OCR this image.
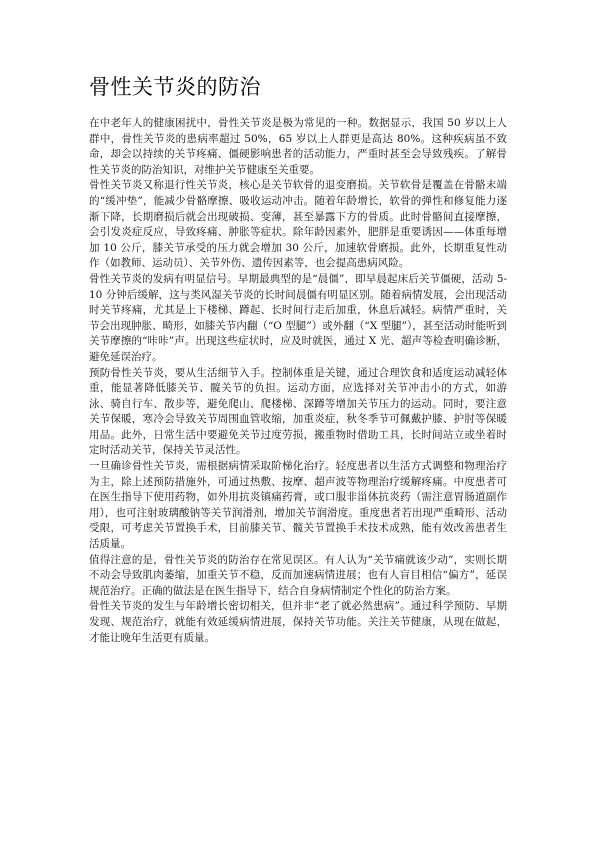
骨性关节炎的防治

在中老年人的健康困扰中，骨性关节炎是极为常见的一种。数据显示，我国 50 岁以上人群中，骨性关节炎的患病率超过 50%，65 岁以上人群更是高达 80%。这种疾病虽不致命，却会以持续的关节疼痛、僵硬影响患者的活动能力，严重时甚至会导致残疾。了解骨性关节炎的防治知识，对维护关节健康至关重要。

骨性关节炎又称退行性关节炎，核心是关节软骨的退变磨损。关节软骨是覆盖在骨骼末端的“缓冲垫”，能减少骨骼摩擦、吸收运动冲击。随着年龄增长，软骨的弹性和修复能力逐渐下降，长期磨损后就会出现破损、变薄，甚至暴露下方的骨质。此时骨骼间直接摩擦，会引发炎症反应，导致疼痛、肿胀等症状。除年龄因素外，肥胖是重要诱因——体重每增加 10 公斤，膝关节承受的压力就会增加 30 公斤，加速软骨磨损。此外，长期重复性动作（如教师、运动员）、关节外伤、遗传因素等，也会提高患病风险。

骨性关节炎的发病有明显信号。早期最典型的是“晨僵”，即早晨起床后关节僵硬，活动 5-10 分钟后缓解，这与类风湿关节炎的长时间晨僵有明显区别。随着病情发展，会出现活动时关节疼痛，尤其是上下楼梯、蹲起、长时间行走后加重，休息后减轻。病情严重时，关节会出现肿胀、畸形，如膝关节内翻（“O 型腿”）或外翻（“X 型腿”），甚至活动时能听到关节摩擦的“咔咔”声。出现这些症状时，应及时就医，通过 X 光、超声等检查明确诊断，避免延误治疗。

预防骨性关节炎，要从生活细节入手。控制体重是关键，通过合理饮食和适度运动减轻体重，能显著降低膝关节、髋关节的负担。运动方面，应选择对关节冲击小的方式，如游泳、骑自行车、散步等，避免爬山、爬楼梯、深蹲等增加关节压力的运动。同时，要注意关节保暖，寒冷会导致关节周围血管收缩，加重炎症，秋冬季节可佩戴护膝、护肘等保暖用品。此外，日常生活中要避免关节过度劳损，搬重物时借助工具，长时间站立或坐着时定时活动关节，保持关节灵活性。

一旦确诊骨性关节炎，需根据病情采取阶梯化治疗。轻度患者以生活方式调整和物理治疗为主，除上述预防措施外，可通过热敷、按摩、超声波等物理治疗缓解疼痛。中度患者可在医生指导下使用药物，如外用抗炎镇痛药膏，或口服非甾体抗炎药（需注意胃肠道副作用），也可注射玻璃酸钠等关节润滑剂，增加关节润滑度。重度患者若出现严重畸形、活动受限，可考虑关节置换手术，目前膝关节、髋关节置换手术技术成熟，能有效改善患者生活质量。

值得注意的是，骨性关节炎的防治存在常见误区。有人认为“关节痛就该少动”，实则长期不动会导致肌肉萎缩，加重关节不稳，反而加速病情进展；也有人盲目相信“偏方”，延误规范治疗。正确的做法是在医生指导下，结合自身病情制定个性化的防治方案。

骨性关节炎的发生与年龄增长密切相关，但并非“老了就必然患病”。通过科学预防、早期发现、规范治疗，就能有效延缓病情进展，保持关节功能。关注关节健康，从现在做起，才能让晚年生活更有质量。
